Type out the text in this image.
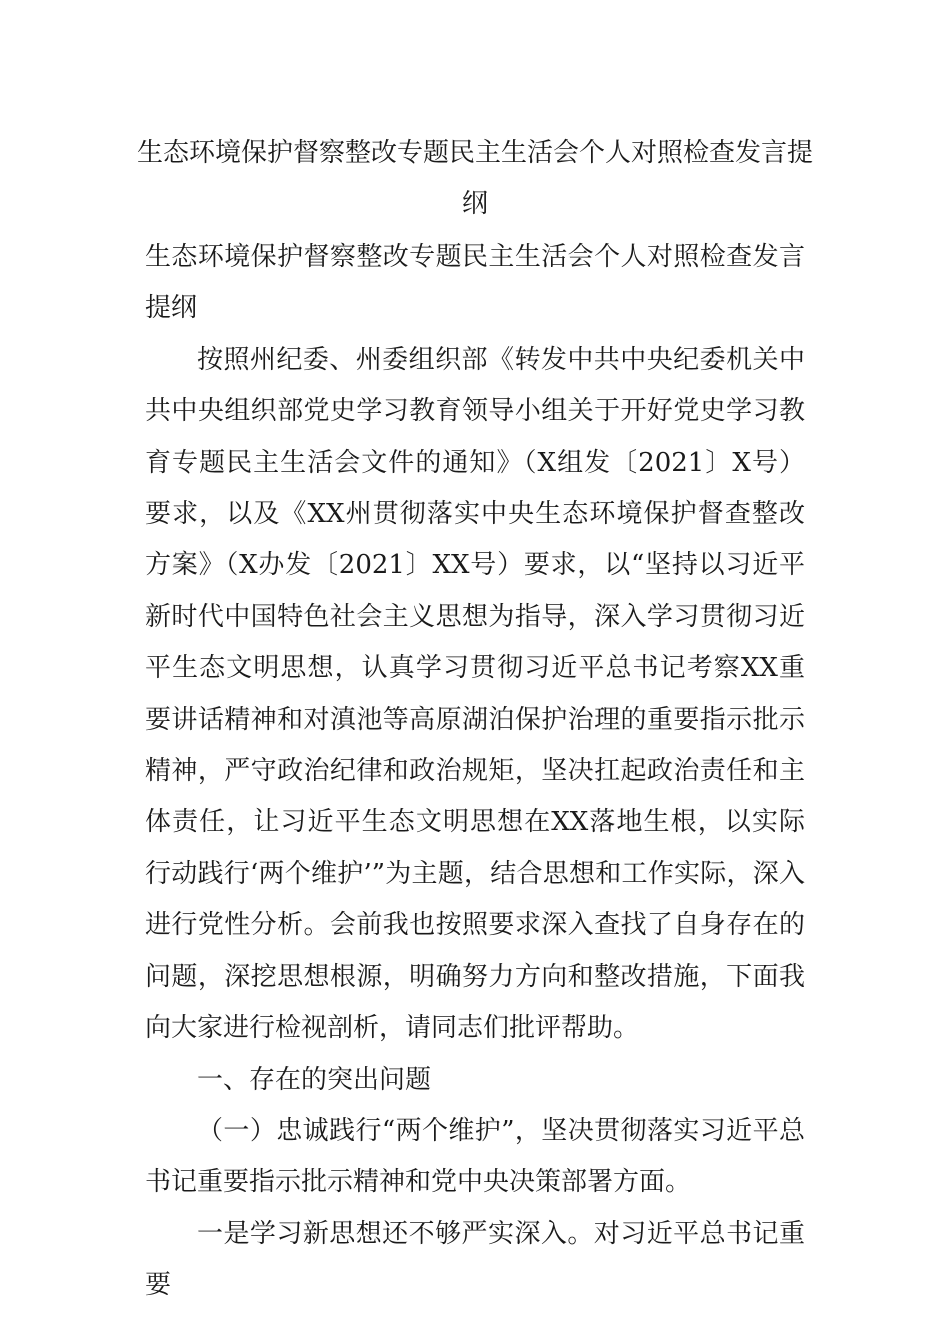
生态环境保护督察整改专题民主生活会个人对照检查发言提纲

生态环境保护督察整改专题民主生活会个人对照检查发言提纲

按照州纪委、州委组织部《转发中共中央纪委机关中共中央组织部党史学习教育领导小组关于开好党史学习教育专题民主生活会文件的通知》（X组发〔2021〕X号）要求，以及《XX州贯彻落实中央生态环境保护督查整改方案》（X办发〔2021〕XX号）要求，以“坚持以习近平新时代中国特色社会主义思想为指导，深入学习贯彻习近平生态文明思想，认真学习贯彻习近平总书记考察XX重要讲话精神和对滇池等高原湖泊保护治理的重要指示批示精神，严守政治纪律和政治规矩，坚决扛起政治责任和主体责任，让习近平生态文明思想在XX落地生根，以实际行动践行‘两个维护’”为主题，结合思想和工作实际，深入进行党性分析。会前我也按照要求深入查找了自身存在的问题，深挖思想根源，明确努力方向和整改措施，下面我向大家进行检视剖析，请同志们批评帮助。

一、存在的突出问题

（一）忠诚践行“两个维护”，坚决贯彻落实习近平总书记重要指示批示精神和党中央决策部署方面。

一是学习新思想还不够严实深入。对习近平总书记重要
